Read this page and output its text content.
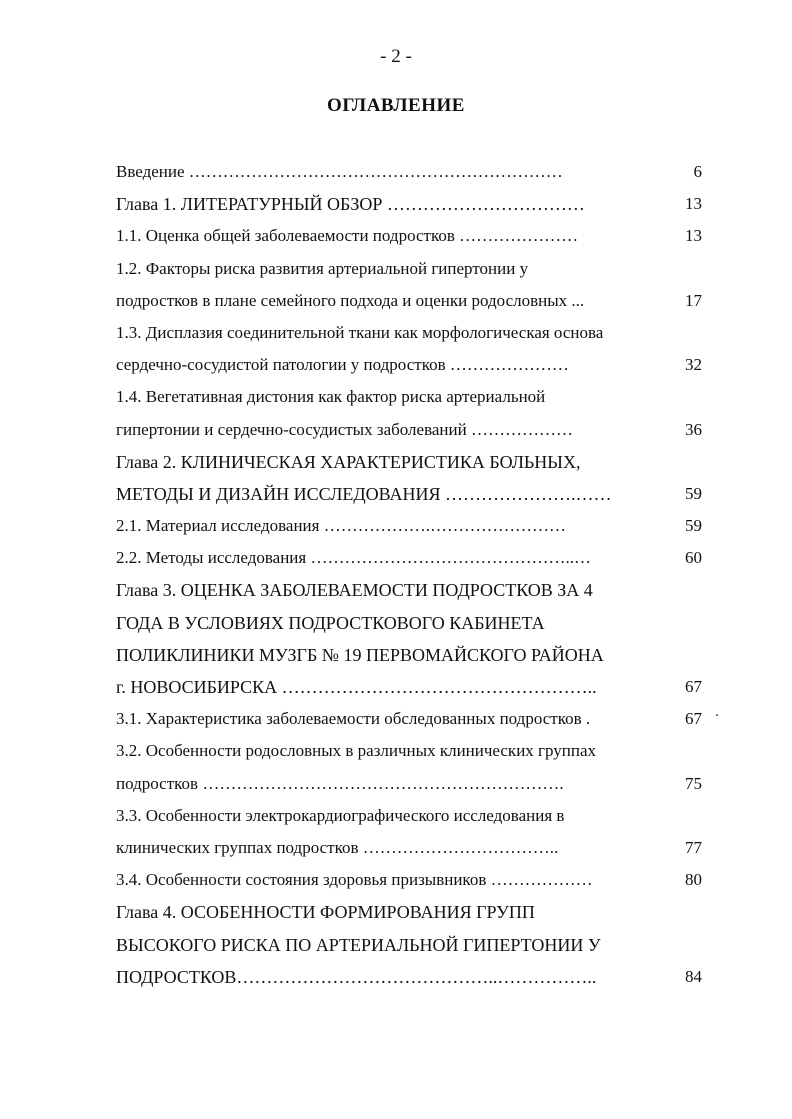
- 2 -
ОГЛАВЛЕНИЕ
Введение …………………………………………………………	6
Глава 1. ЛИТЕРАТУРНЫЙ ОБЗОР ……………………………	13
1.1. Оценка общей заболеваемости подростков …………………	13
1.2. Факторы риска развития артериальной гипертонии у
подростков в плане семейного подхода и оценки родословных ...	17
1.3. Дисплазия соединительной ткани как морфологическая основа
сердечно-сосудистой патологии у подростков …………………	32
1.4. Вегетативная дистония как фактор риска артериальной
гипертонии и сердечно-сосудистых заболеваний ………………	36
Глава 2. КЛИНИЧЕСКАЯ ХАРАКТЕРИСТИКА БОЛЬНЫХ,
МЕТОДЫ И ДИЗАЙН ИССЛЕДОВАНИЯ ………………….……	59
2.1. Материал исследования ……………….……………………	59
2.2. Методы исследования ………………………………………..…	60
Глава 3. ОЦЕНКА ЗАБОЛЕВАЕМОСТИ ПОДРОСТКОВ ЗА 4
ГОДА В УСЛОВИЯХ ПОДРОСТКОВОГО КАБИНЕТА
ПОЛИКЛИНИКИ МУЗГБ № 19 ПЕРВОМАЙСКОГО РАЙОНА
г. НОВОСИБИРСКА ……………………………………………..	67
3.1. Характеристика заболеваемости обследованных подростков .	67
3.2. Особенности родословных в различных клинических группах
подростков ……………………………………………………….	75
3.3. Особенности электрокардиографического исследования в
клинических группах подростков ……………………………..	77
3.4. Особенности состояния здоровья призывников ………………	80
Глава 4. ОСОБЕННОСТИ ФОРМИРОВАНИЯ ГРУПП
ВЫСОКОГО РИСКА ПО АРТЕРИАЛЬНОЙ ГИПЕРТОНИИ У
ПОДРОСТКОВ……………………………………..……………..	84
